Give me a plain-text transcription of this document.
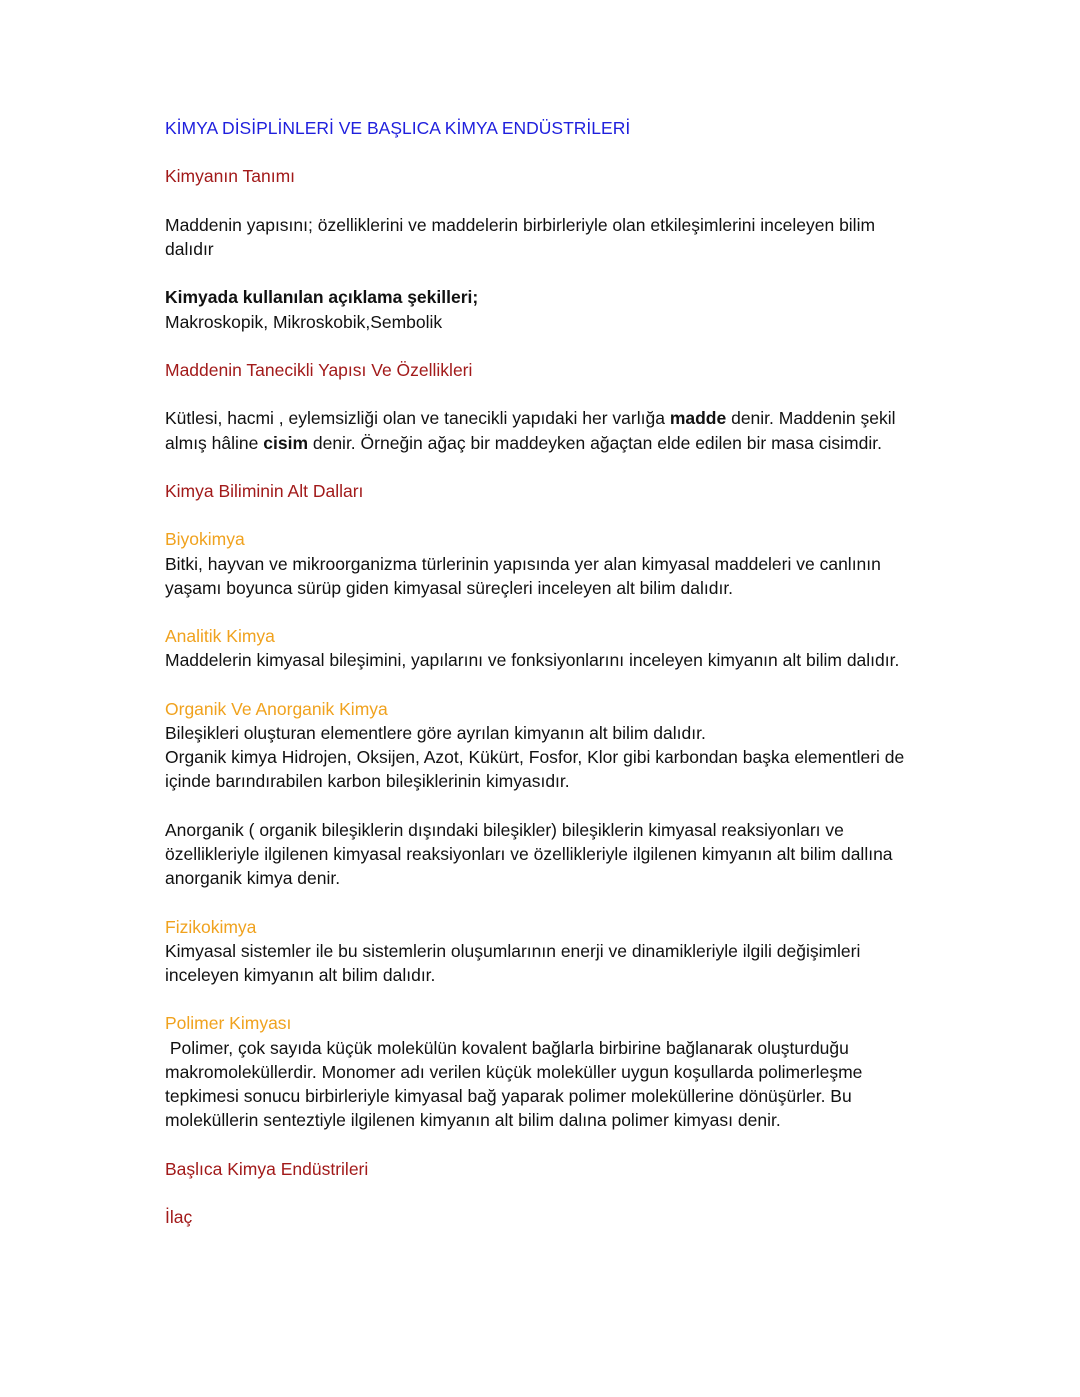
KİMYA DİSİPLİNLERİ VE BAŞLICA KİMYA ENDÜSTRİLERİ

Kimyanın Tanımı

Maddenin yapısını; özelliklerini ve maddelerin birbirleriyle olan etkileşimlerini inceleyen bilim dalıdır

Kimyada kullanılan açıklama şekilleri;

Makroskopik, Mikroskobik,Sembolik

Maddenin Tanecikli Yapısı Ve Özellikleri

Kütlesi, hacmi , eylemsizliği olan ve tanecikli yapıdaki her varlığa madde denir. Maddenin şekil almış hâline cisim denir. Örneğin ağaç bir maddeyken ağaçtan elde edilen bir masa cisimdir.

Kimya Biliminin Alt Dalları

Biyokimya

Bitki, hayvan ve mikroorganizma türlerinin yapısında yer alan kimyasal maddeleri ve canlının yaşamı boyunca sürüp giden kimyasal süreçleri inceleyen alt bilim dalıdır.

Analitik Kimya

Maddelerin kimyasal bileşimini, yapılarını ve fonksiyonlarını inceleyen kimyanın alt bilim dalıdır.

Organik Ve Anorganik Kimya

Bileşikleri oluşturan elementlere göre ayrılan kimyanın alt bilim dalıdır.

Organik kimya Hidrojen, Oksijen, Azot, Kükürt, Fosfor, Klor gibi karbondan başka elementleri de içinde barındırabilen karbon bileşiklerinin kimyasıdır.

Anorganik ( organik bileşiklerin dışındaki bileşikler) bileşiklerin kimyasal reaksiyonları ve özellikleriyle ilgilenen kimyasal reaksiyonları ve özellikleriyle ilgilenen kimyanın alt bilim dallına anorganik kimya denir.

Fizikokimya

Kimyasal sistemler ile bu sistemlerin oluşumlarının enerji ve dinamikleriyle ilgili değişimleri inceleyen kimyanın alt bilim dalıdır.

Polimer Kimyası

Polimer, çok sayıda küçük molekülün kovalent bağlarla birbirine bağlanarak oluşturduğu makromoleküllerdir. Monomer adı verilen küçük moleküller uygun koşullarda polimerleşme tepkimesi sonucu birbirleriyle kimyasal bağ yaparak polimer moleküllerine dönüşürler. Bu moleküllerin senteztiyle ilgilenen kimyanın alt bilim dalına polimer kimyası denir.

Başlıca Kimya Endüstrileri

İlaç
